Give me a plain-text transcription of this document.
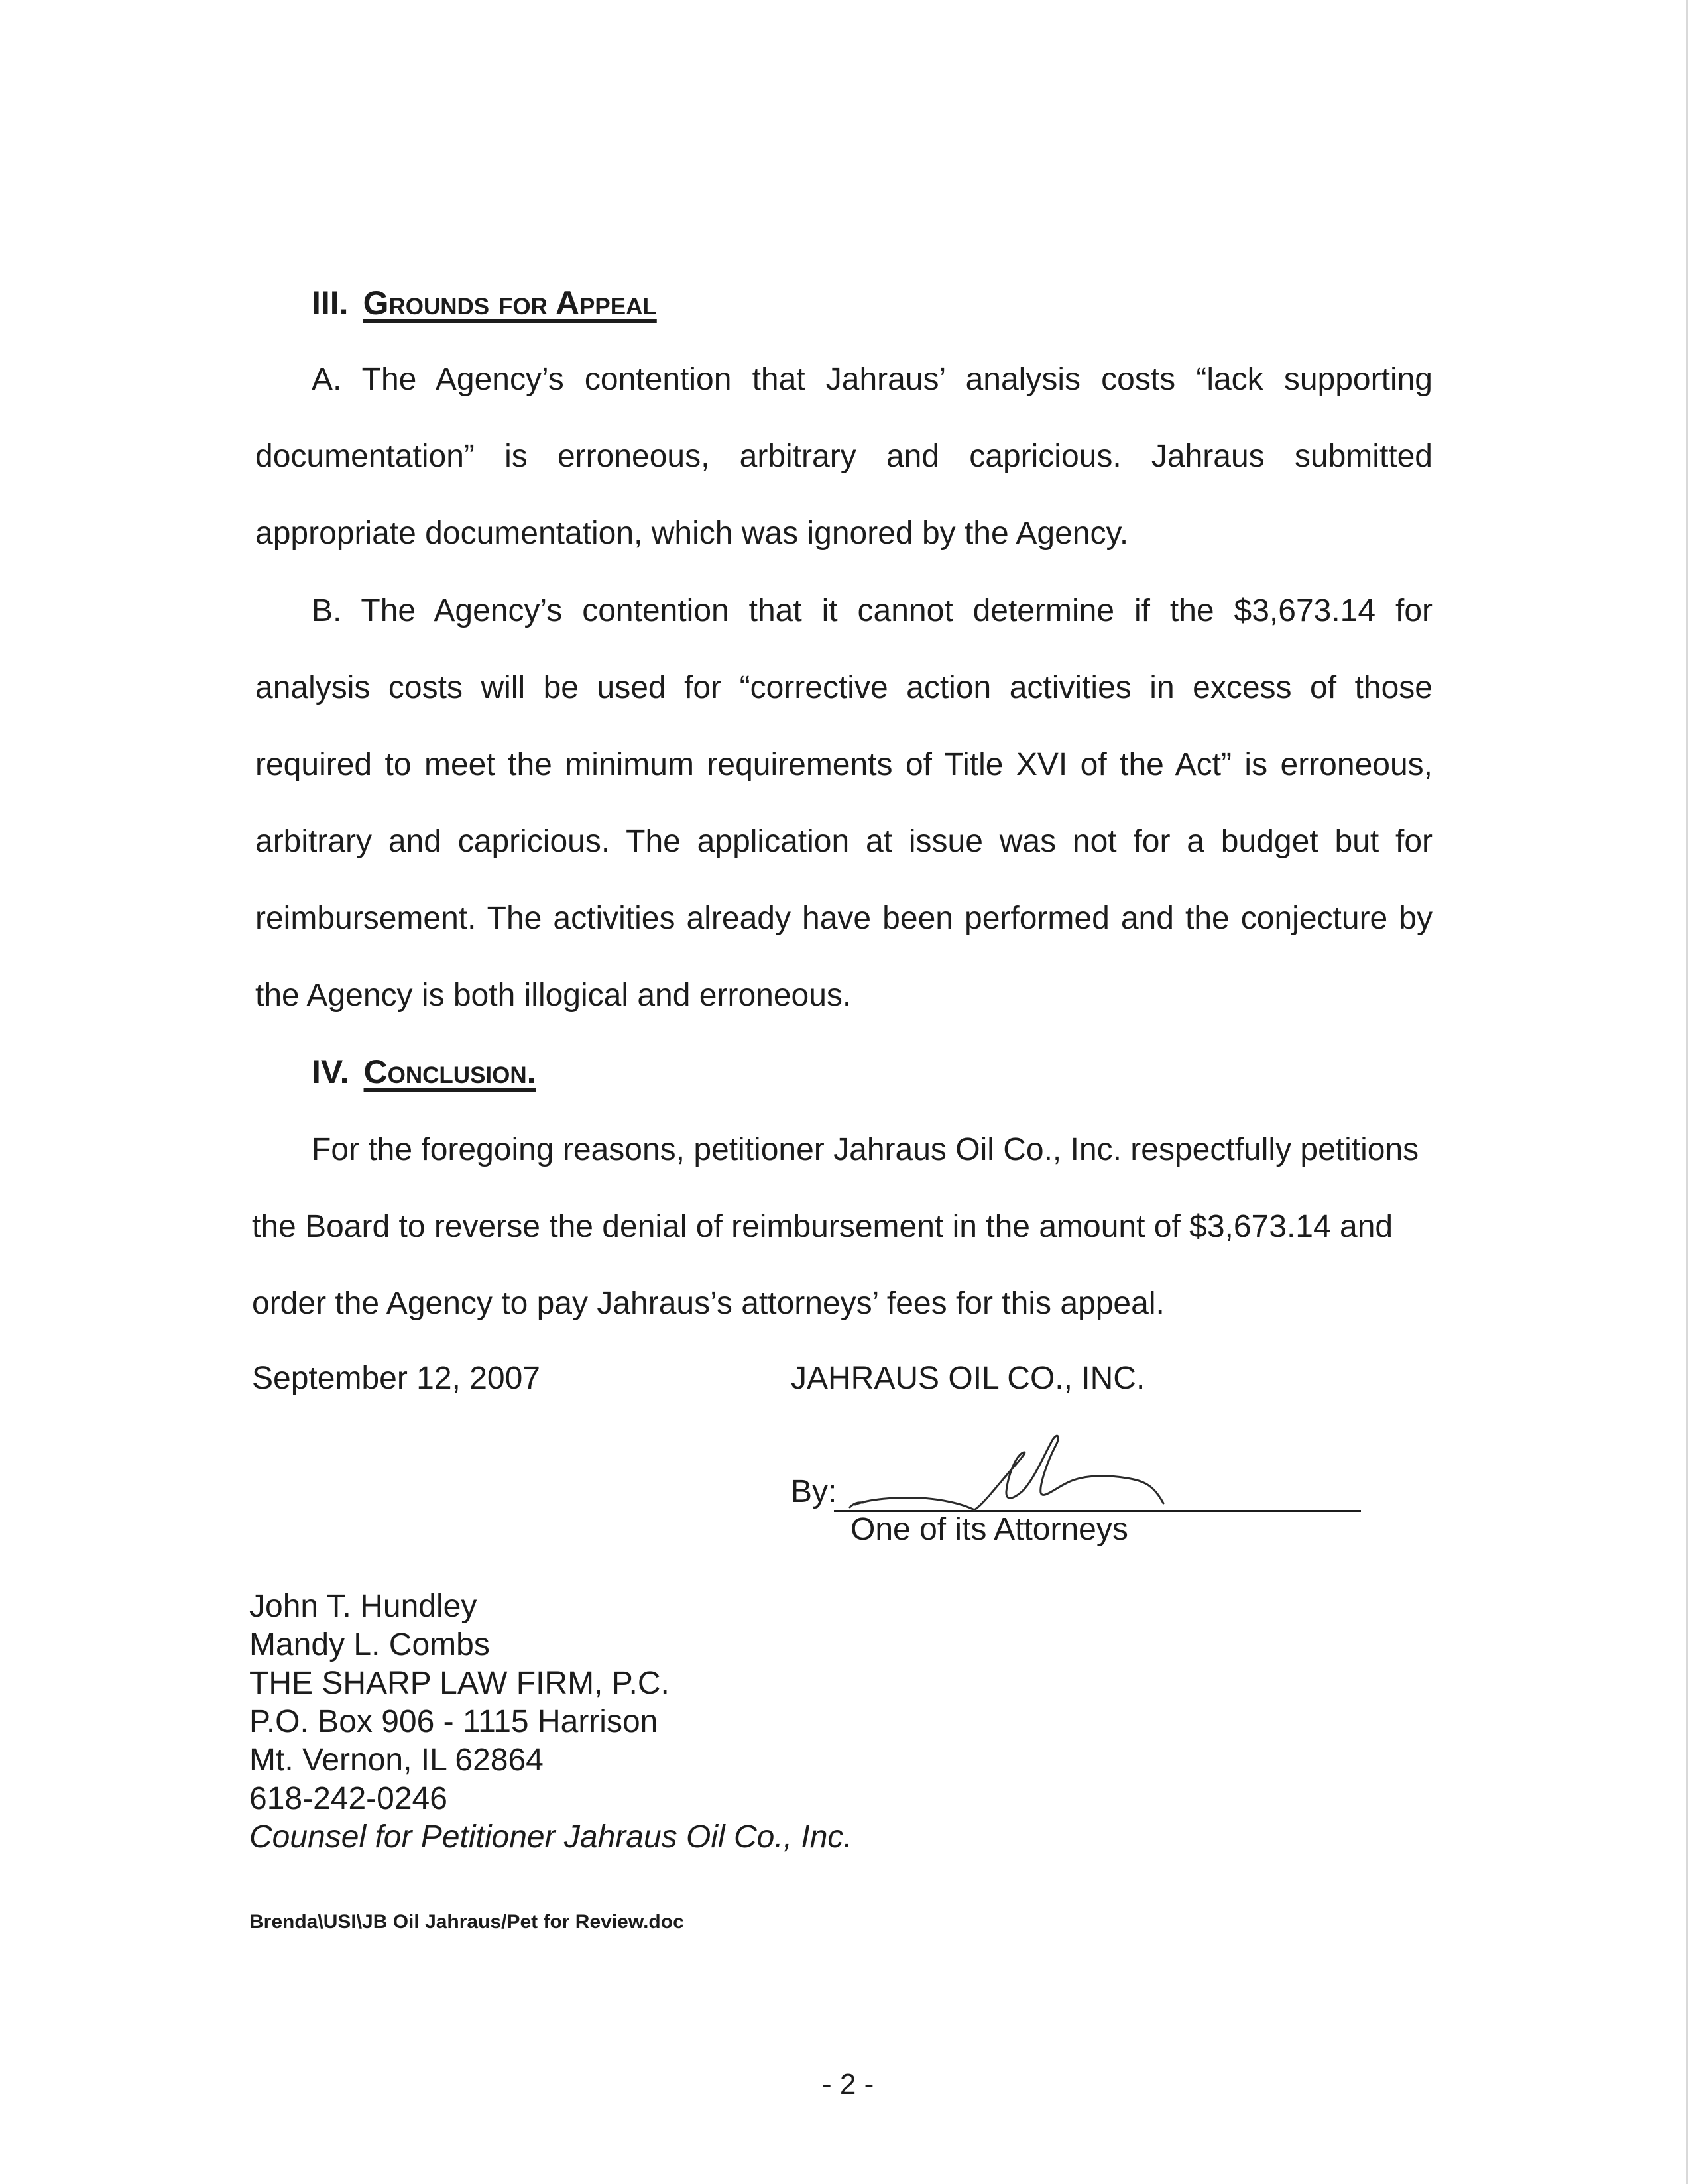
III. Grounds for Appeal

A. The Agency’s contention that Jahraus’ analysis costs “lack supporting documentation” is erroneous, arbitrary and capricious. Jahraus submitted appropriate documentation, which was ignored by the Agency.

B. The Agency’s contention that it cannot determine if the $3,673.14 for analysis costs will be used for “corrective action activities in excess of those required to meet the minimum requirements of Title XVI of the Act” is erroneous, arbitrary and capricious. The application at issue was not for a budget but for reimbursement. The activities already have been performed and the conjecture by the Agency is both illogical and erroneous.

IV. Conclusion.

For the foregoing reasons, petitioner Jahraus Oil Co., Inc. respectfully petitions the Board to reverse the denial of reimbursement in the amount of $3,673.14 and order the Agency to pay Jahraus’s attorneys’ fees for this appeal.

September 12, 2007	JAHRAUS OIL CO., INC.
By:
One of its Attorneys
John T. Hundley
Mandy L. Combs
THE SHARP LAW FIRM, P.C.
P.O. Box 906 - 1115 Harrison
Mt. Vernon, IL 62864
618-242-0246
Counsel for Petitioner Jahraus Oil Co., Inc.
Brenda\USI\JB Oil Jahraus/Pet for Review.doc
- 2 -
